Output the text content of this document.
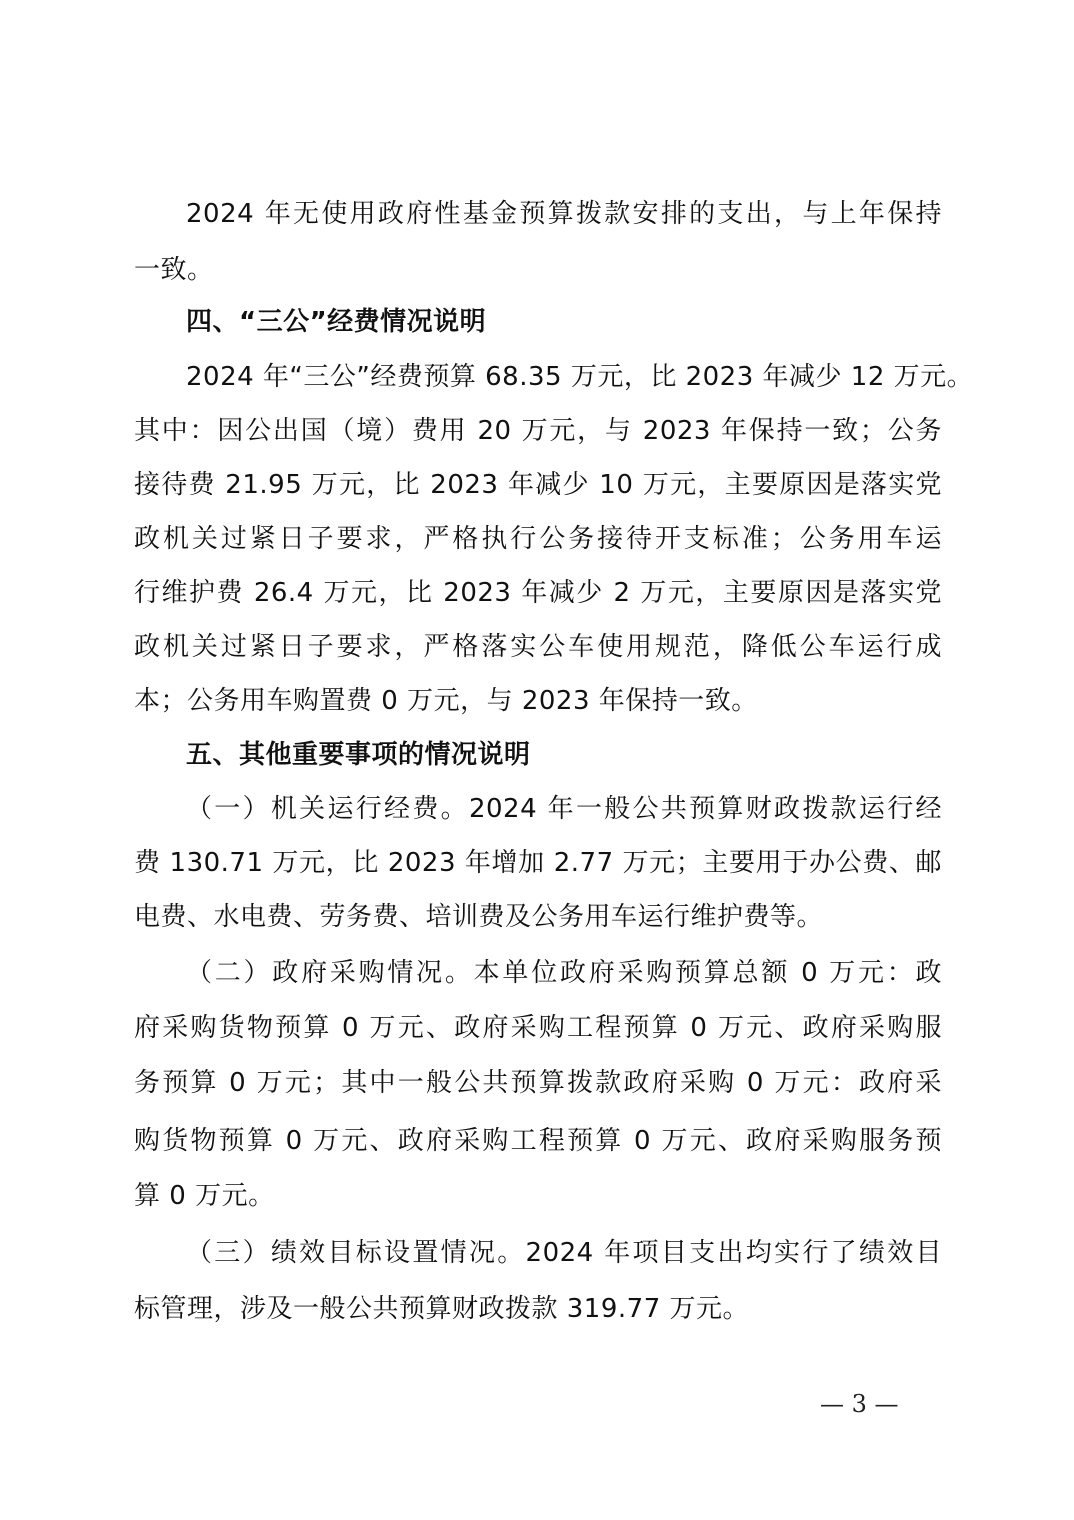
2024 年无使用政府性基金预算拨款安排的支出，与上年保持
一致。
四、“三公”经费情况说明
2024 年“三公”经费预算 68.35 万元，比 2023 年减少 12 万元。
其中：因公出国（境）费用 20 万元，与 2023 年保持一致；公务
接待费 21.95 万元，比 2023 年减少 10 万元，主要原因是落实党
政机关过紧日子要求，严格执行公务接待开支标准；公务用车运
行维护费 26.4 万元，比 2023 年减少 2 万元，主要原因是落实党
政机关过紧日子要求，严格落实公车使用规范，降低公车运行成
本；公务用车购置费 0 万元，与 2023 年保持一致。
五、其他重要事项的情况说明
（一）机关运行经费。2024 年一般公共预算财政拨款运行经
费 130.71 万元，比 2023 年增加 2.77 万元；主要用于办公费、邮
电费、水电费、劳务费、培训费及公务用车运行维护费等。
（二）政府采购情况。本单位政府采购预算总额 0 万元：政
府采购货物预算 0 万元、政府采购工程预算 0 万元、政府采购服
务预算 0 万元；其中一般公共预算拨款政府采购 0 万元：政府采
购货物预算 0 万元、政府采购工程预算 0 万元、政府采购服务预
算 0 万元。
（三）绩效目标设置情况。2024 年项目支出均实行了绩效目
标管理，涉及一般公共预算财政拨款 319.77 万元。
— 3 —
